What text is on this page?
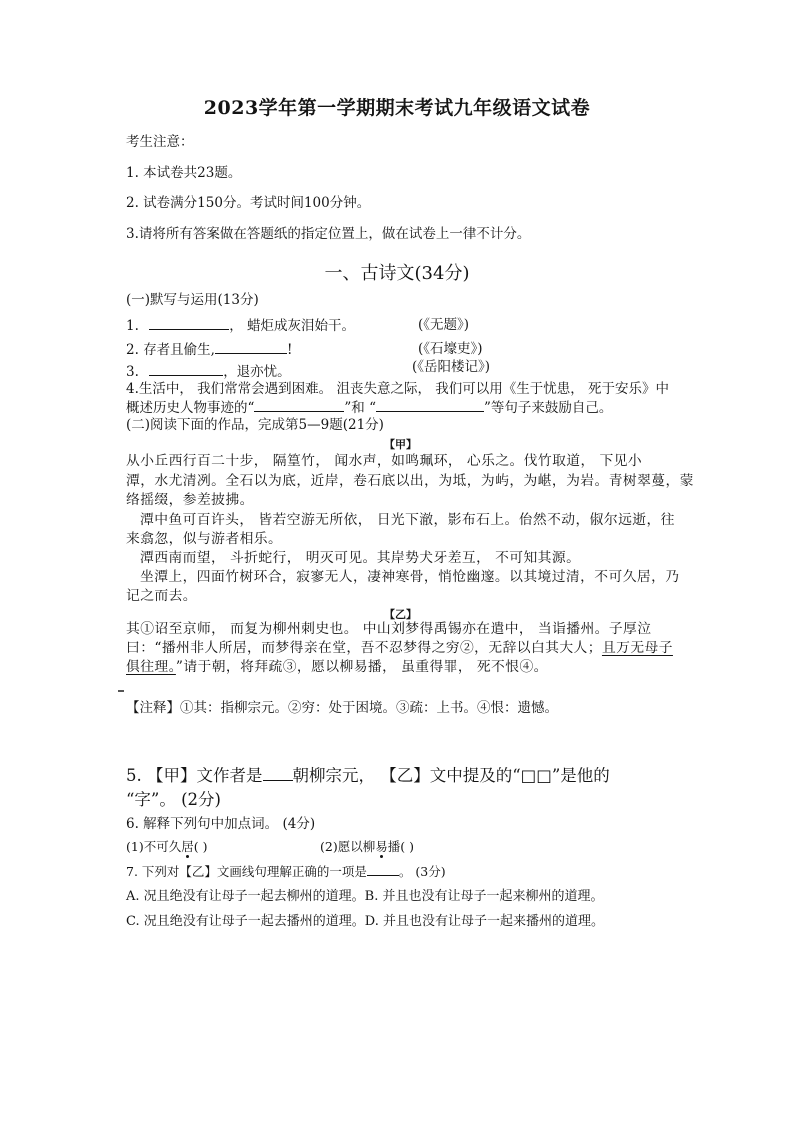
2023学年第一学期期末考试九年级语文试卷
考生注意：
1. 本试卷共23题。
2. 试卷满分150分。考试时间100分钟。
3.请将所有答案做在答题纸的指定位置上，做在试卷上一律不计分。
一、古诗文(34分)
(一)默写与运用(13分)
1.	， 蜡炬成灰泪始干。	(《无题》)
2. 存者且偷生,	!	(《石壕吏》)
3.	，退亦忧。	(《岳阳楼记》)
4.生活中， 我们常常会遇到困难。 沮丧失意之际， 我们可以用《生于忧患， 死于安乐》中
概述历史人物事迹的“	”和 “	”等句子来鼓励自己。
(二)阅读下面的作品，完成第5—9题(21分)
【甲】
从小丘西行百二十步， 隔篁竹， 闻水声，如鸣珮环， 心乐之。伐竹取道， 下见小
潭，水尤清冽。全石以为底，近岸，卷石底以出，为坻，为屿，为嵁，为岩。青树翠蔓，蒙
络摇缀，参差披拂。
潭中鱼可百许头， 皆若空游无所依， 日光下澈，影布石上。佁然不动，俶尔远逝，往
来翕忽，似与游者相乐。
潭西南而望， 斗折蛇行， 明灭可见。其岸势犬牙差互， 不可知其源。
坐潭上，四面竹树环合，寂寥无人，凄神寒骨，悄怆幽邃。以其境过清，不可久居，乃
记之而去。
【乙】
其①诏至京师， 而复为柳州刺史也。 中山刘梦得禹锡亦在遣中， 当诣播州。子厚泣
曰：“播州非人所居，而梦得亲在堂，吾不忍梦得之穷②，无辞以白其大人；且万无母子
俱往理。”请于朝，将拜疏③，愿以柳易播， 虽重得罪， 死不恨④。
【注释】①其：指柳宗元。②穷：处于困境。③疏：上书。④恨：遗憾。
5. 【甲】文作者是 朝柳宗元， 【乙】文中提及的“□□”是他的
“字”。 (2分)
6. 解释下列句中加点词。 (4分)
(1)不可久居( )	(2)愿以柳易播( )
7. 下列对【乙】文画线句理解正确的一项是	。 (3分)
A. 况且绝没有让母子一起去柳州的道理。B. 并且也没有让母子一起来柳州的道理。
C. 况且绝没有让母子一起去播州的道理。D. 并且也没有让母子一起来播州的道理。
